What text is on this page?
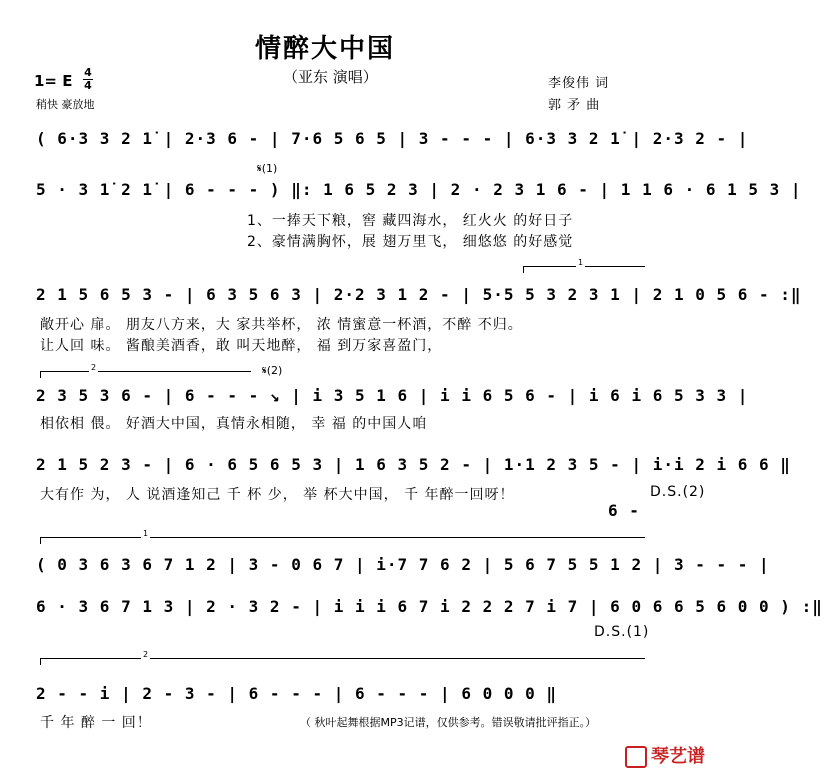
情醉大中国
（亚东 演唱）
1= E 4
4
稍快 豪放地
李俊伟 词
郭 矛 曲
( 6·3 3 2 1̇ | 2·3 6 - | 7·6 5 6 5 | 3 - - - | 6·3 3 2 1̇ | 2·3 2 - |
𝄋(1)
5 · 3 1̇ 2 1̇ | 6 - - - ) ‖: 1 6 5 2 3 | 2 · 2 3 1 6 - | 1 1 6 · 6 1 5 3 |
1、一捧天下粮，窖 藏四海水， 红火火 的好日子
2、豪情满胸怀，展 翅万里飞， 细悠悠 的好感觉
1
2 1 5 6 5 3 - | 6 3 5 6 3 | 2·2 3 1 2 - | 5·5 5 3 2 3 1 | 2 1 0 5 6 - :‖
敞开心 扉。 朋友八方来，大 家共举杯， 浓 情蜜意一杯酒，不醉 不归。
让人回 味。 酱酿美酒香，敢 叫天地醉， 福 到万家喜盈门，
2	𝄋(2)
2 3 5 3 6 - | 6 - - - ↘ | i 3 5 1 6 | i i 6 5 6 - | i 6 i 6 5 3 3 |
相依相 偎。 好酒大中国，真情永相随， 幸 福 的中国人咱
2 1 5 2 3 - | 6 · 6 5 6 5 3 | 1 6 3 5 2 - | 1·1 2 3 5 - | i·i 2 i 6 6 ‖
大有作 为， 人 说酒逢知己 千 杯 少， 举 杯大中国， 千 年醉一回呀！	D.S.(2)
6 -
1
( 0 3 6 3 6 7 1 2 | 3 - 0 6 7 | i·7 7 6 2 | 5 6 7 5 5 1 2 | 3 - - - |
6 · 3 6 7 1 3 | 2 · 3 2 - | i i i 6 7 i 2 2 2 7 i 7 | 6 0 6 6 5 6 0 0 ) :‖
D.S.(1)
2
2 - - i | 2 - 3 - | 6 - - - | 6 - - - | 6 0 0 0 ‖
千 年 醉 一 回！	（ 秋叶起舞根据MP3记谱，仅供参考。错误敬请批评指正。）
琴艺谱
